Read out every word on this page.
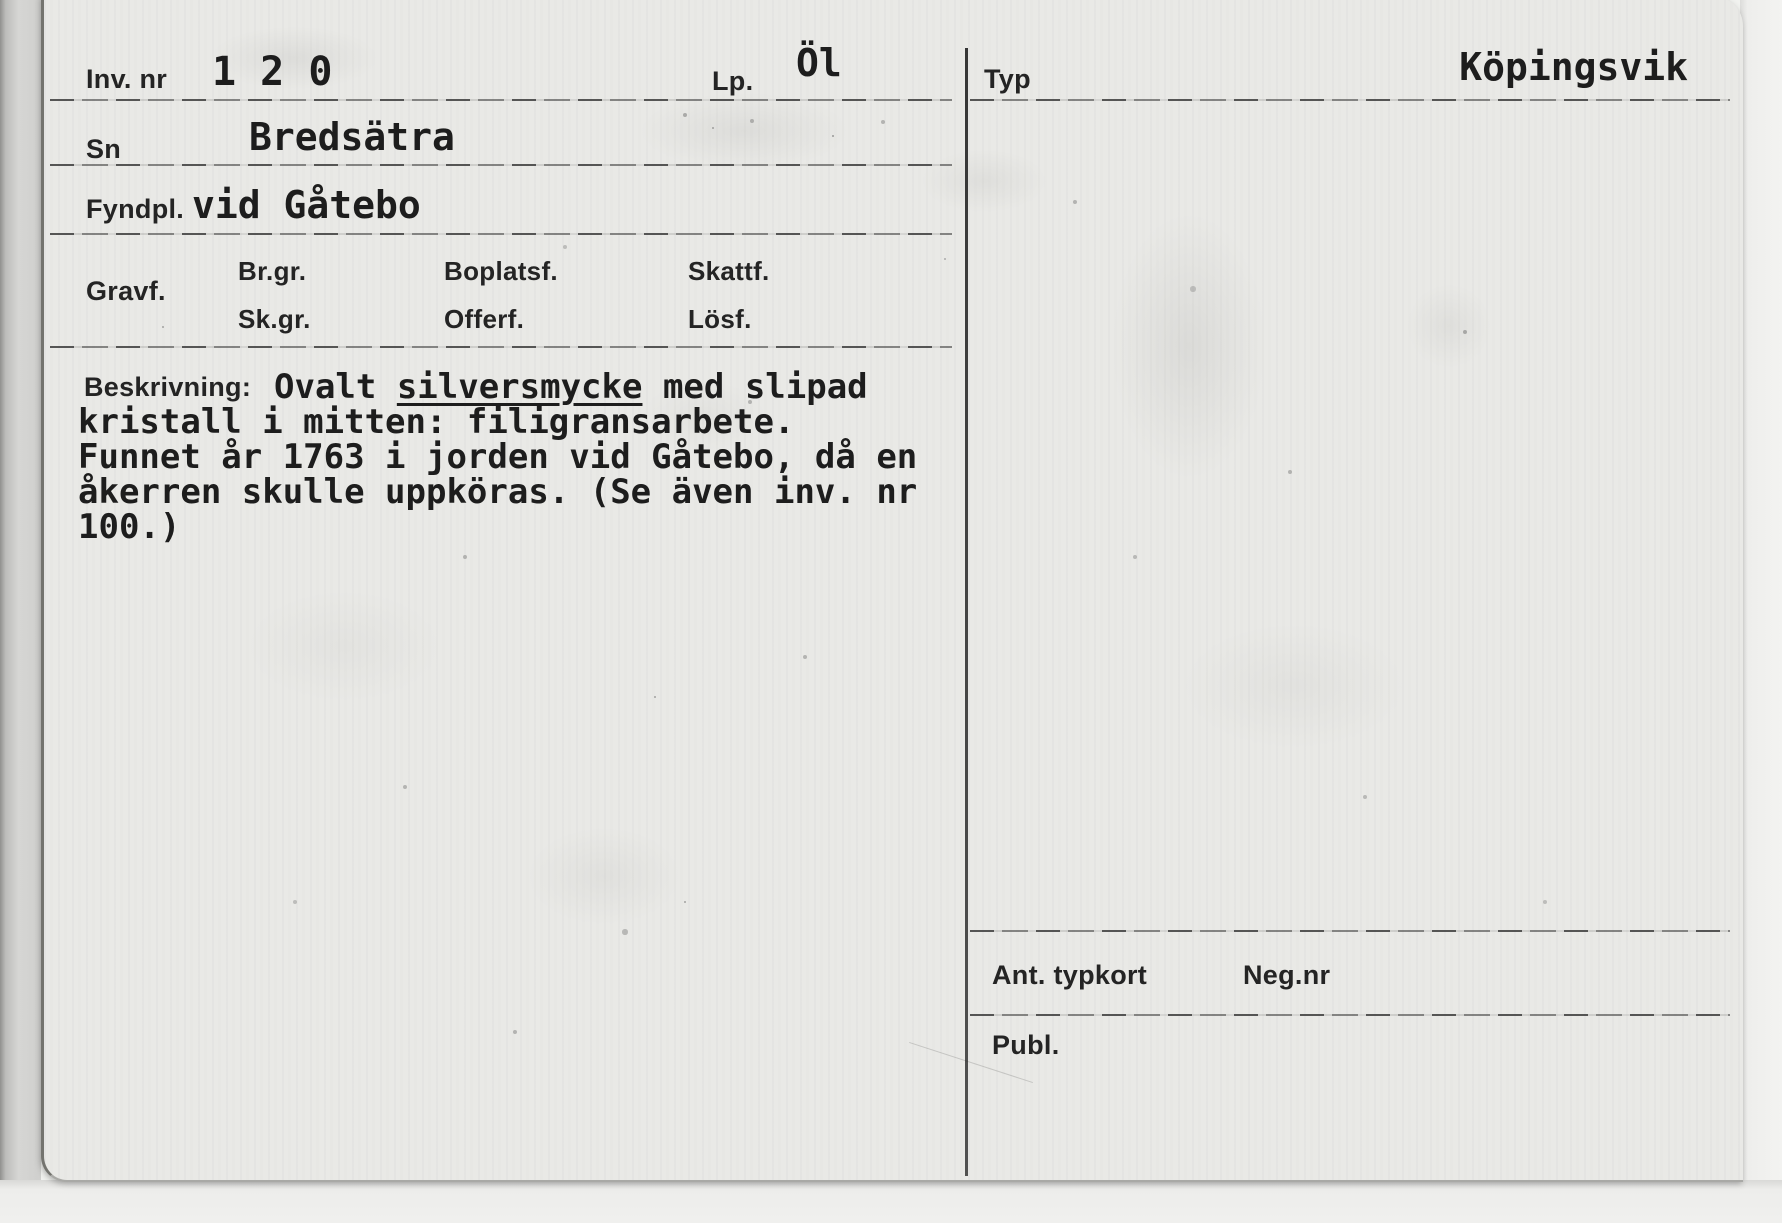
Inv. nr 1 2 0	Lp. Öl	Typ	Köpingsvik
Sn	Bredsätra
Fyndpl. vid Gåtebo
Gravf.
Br.gr.	Boplatsf.	Skattf.
Sk.gr.	Offerf.	Lösf.
Beskrivning: Ovalt silversmycke med slipad
kristall i mitten: filigransarbete.
Funnet år 1763 i jorden vid Gåtebo, då en
åkerren skulle uppköras. (Se även inv. nr
100.)
Ant. typkort	Neg.nr
Publ.
